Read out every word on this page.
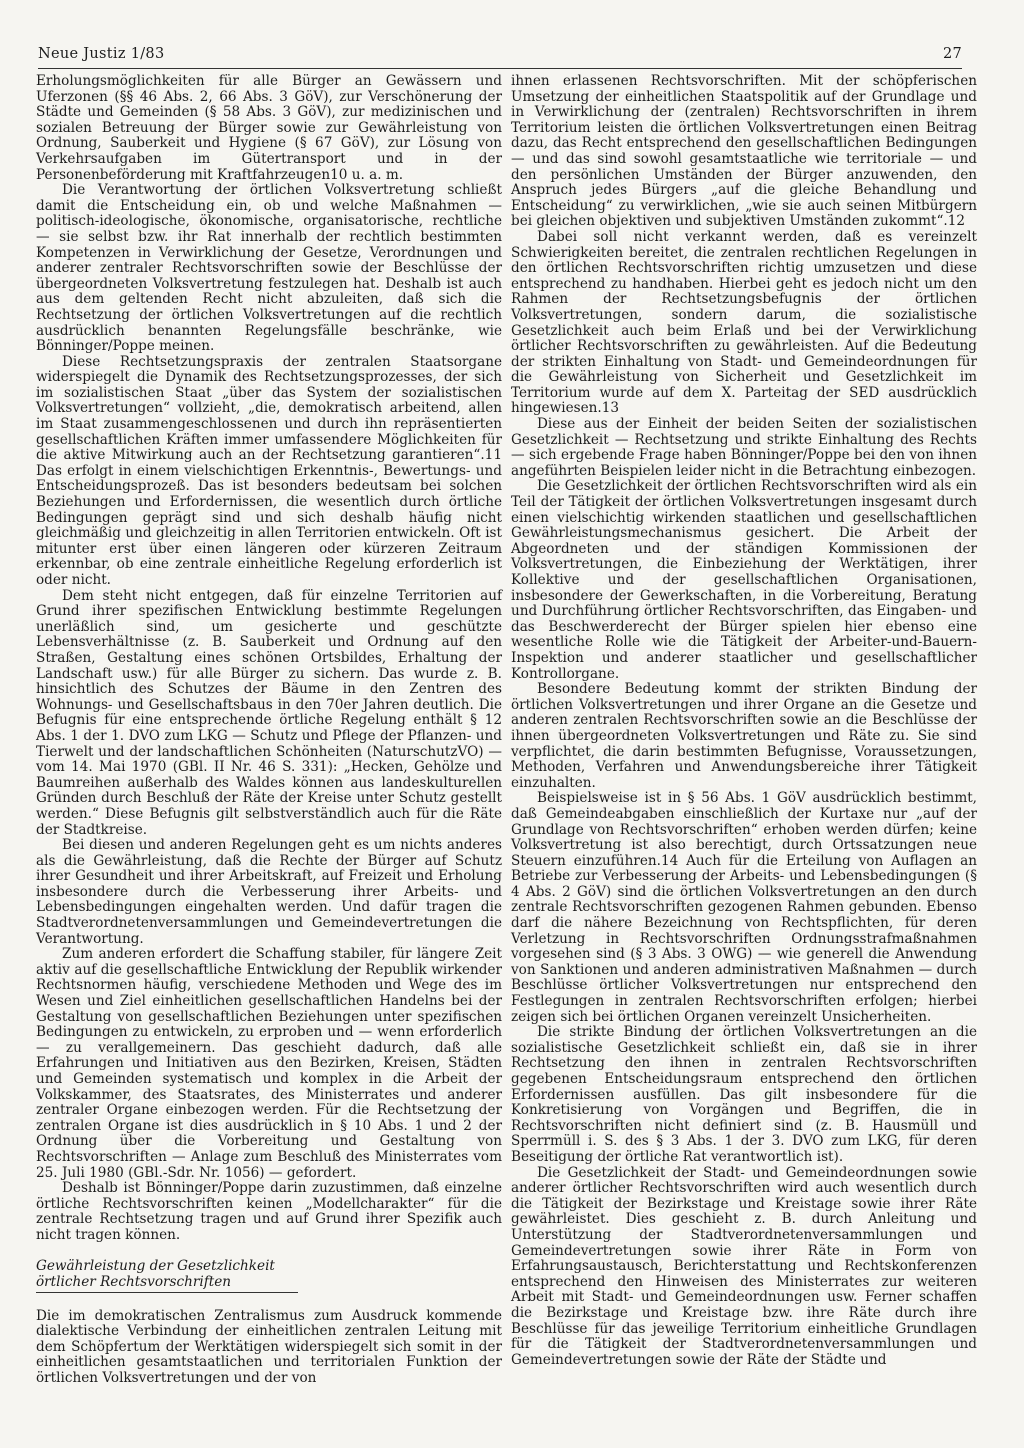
Neue Justiz 1/83	27

Erholungsmöglichkeiten für alle Bürger an Gewässern und Uferzonen (§§ 46 Abs. 2, 66 Abs. 3 GöV), zur Verschönerung der Städte und Gemeinden (§ 58 Abs. 3 GöV), zur medizinischen und sozialen Betreuung der Bürger sowie zur Gewährleistung von Ordnung, Sauberkeit und Hygiene (§ 67 GöV), zur Lösung von Verkehrsaufgaben im Gütertransport und in der Personenbeförderung mit Kraftfahrzeugen10 u. a. m.

Die Verantwortung der örtlichen Volksvertretung schließt damit die Entscheidung ein, ob und welche Maßnahmen — politisch-ideologische, ökonomische, organisatorische, rechtliche — sie selbst bzw. ihr Rat innerhalb der rechtlich bestimmten Kompetenzen in Verwirklichung der Gesetze, Verordnungen und anderer zentraler Rechtsvorschriften sowie der Beschlüsse der übergeordneten Volksvertretung festzulegen hat. Deshalb ist auch aus dem geltenden Recht nicht abzuleiten, daß sich die Rechtsetzung der örtlichen Volksvertretungen auf die rechtlich ausdrücklich benannten Regelungsfälle beschränke, wie Bönninger/Poppe meinen.

Diese Rechtsetzungspraxis der zentralen Staatsorgane widerspiegelt die Dynamik des Rechtsetzungsprozesses, der sich im sozialistischen Staat „über das System der sozialistischen Volksvertretungen“ vollzieht, „die, demokratisch arbeitend, allen im Staat zusammengeschlossenen und durch ihn repräsentierten gesellschaftlichen Kräften immer umfassendere Möglichkeiten für die aktive Mitwirkung auch an der Rechtsetzung garantieren“.11 Das erfolgt in einem vielschichtigen Erkenntnis-, Bewertungs- und Entscheidungsprozeß. Das ist besonders bedeutsam bei solchen Beziehungen und Erfordernissen, die wesentlich durch örtliche Bedingungen geprägt sind und sich deshalb häufig nicht gleichmäßig und gleichzeitig in allen Territorien entwickeln. Oft ist mitunter erst über einen längeren oder kürzeren Zeitraum erkennbar, ob eine zentrale einheitliche Regelung erforderlich ist oder nicht.

Dem steht nicht entgegen, daß für einzelne Territorien auf Grund ihrer spezifischen Entwicklung bestimmte Regelungen unerläßlich sind, um gesicherte und geschützte Lebensverhältnisse (z. B. Sauberkeit und Ordnung auf den Straßen, Gestaltung eines schönen Ortsbildes, Erhaltung der Landschaft usw.) für alle Bürger zu sichern. Das wurde z. B. hinsichtlich des Schutzes der Bäume in den Zentren des Wohnungs- und Gesellschaftsbaus in den 70er Jahren deutlich. Die Befugnis für eine entsprechende örtliche Regelung enthält § 12 Abs. 1 der 1. DVO zum LKG — Schutz und Pflege der Pflanzen- und Tierwelt und der landschaftlichen Schönheiten (NaturschutzVO) — vom 14. Mai 1970 (GBl. II Nr. 46 S. 331): „Hecken, Gehölze und Baumreihen außerhalb des Waldes können aus landeskulturellen Gründen durch Beschluß der Räte der Kreise unter Schutz gestellt werden.“ Diese Befugnis gilt selbstverständlich auch für die Räte der Stadtkreise.

Bei diesen und anderen Regelungen geht es um nichts anderes als die Gewährleistung, daß die Rechte der Bürger auf Schutz ihrer Gesundheit und ihrer Arbeitskraft, auf Freizeit und Erholung insbesondere durch die Verbesserung ihrer Arbeits- und Lebensbedingungen eingehalten werden. Und dafür tragen die Stadtverordnetenversammlungen und Gemeindevertretungen die Verantwortung.

Zum anderen erfordert die Schaffung stabiler, für längere Zeit aktiv auf die gesellschaftliche Entwicklung der Republik wirkender Rechtsnormen häufig, verschiedene Methoden und Wege des im Wesen und Ziel einheitlichen gesellschaftlichen Handelns bei der Gestaltung von gesellschaftlichen Beziehungen unter spezifischen Bedingungen zu entwickeln, zu erproben und — wenn erforderlich — zu verallgemeinern. Das geschieht dadurch, daß alle Erfahrungen und Initiativen aus den Bezirken, Kreisen, Städten und Gemeinden systematisch und komplex in die Arbeit der Volkskammer, des Staatsrates, des Ministerrates und anderer zentraler Organe einbezogen werden. Für die Rechtsetzung der zentralen Organe ist dies ausdrücklich in § 10 Abs. 1 und 2 der Ordnung über die Vorbereitung und Gestaltung von Rechtsvorschriften — Anlage zum Beschluß des Ministerrates vom 25. Juli 1980 (GBl.-Sdr. Nr. 1056) — gefordert.

Deshalb ist Bönninger/Poppe darin zuzustimmen, daß einzelne örtliche Rechtsvorschriften keinen „Modellcharakter“ für die zentrale Rechtsetzung tragen und auf Grund ihrer Spezifik auch nicht tragen können.

Gewährleistung der Gesetzlichkeit
örtlicher Rechtsvorschriften

Die im demokratischen Zentralismus zum Ausdruck kommende dialektische Verbindung der einheitlichen zentralen Leitung mit dem Schöpfertum der Werktätigen widerspiegelt sich somit in der einheitlichen gesamtstaatlichen und territorialen Funktion der örtlichen Volksvertretungen und der von

ihnen erlassenen Rechtsvorschriften. Mit der schöpferischen Umsetzung der einheitlichen Staatspolitik auf der Grundlage und in Verwirklichung der (zentralen) Rechtsvorschriften in ihrem Territorium leisten die örtlichen Volksvertretungen einen Beitrag dazu, das Recht entsprechend den gesellschaftlichen Bedingungen — und das sind sowohl gesamtstaatliche wie territoriale — und den persönlichen Umständen der Bürger anzuwenden, den Anspruch jedes Bürgers „auf die gleiche Behandlung und Entscheidung“ zu verwirklichen, „wie sie auch seinen Mitbürgern bei gleichen objektiven und subjektiven Umständen zukommt“.12

Dabei soll nicht verkannt werden, daß es vereinzelt Schwierigkeiten bereitet, die zentralen rechtlichen Regelungen in den örtlichen Rechtsvorschriften richtig umzusetzen und diese entsprechend zu handhaben. Hierbei geht es jedoch nicht um den Rahmen der Rechtsetzungsbefugnis der örtlichen Volksvertretungen, sondern darum, die sozialistische Gesetzlichkeit auch beim Erlaß und bei der Verwirklichung örtlicher Rechtsvorschriften zu gewährleisten. Auf die Bedeutung der strikten Einhaltung von Stadt- und Gemeindeordnungen für die Gewährleistung von Sicherheit und Gesetzlichkeit im Territorium wurde auf dem X. Parteitag der SED ausdrücklich hingewiesen.13

Diese aus der Einheit der beiden Seiten der sozialistischen Gesetzlichkeit — Rechtsetzung und strikte Einhaltung des Rechts — sich ergebende Frage haben Bönninger/Poppe bei den von ihnen angeführten Beispielen leider nicht in die Betrachtung einbezogen.

Die Gesetzlichkeit der örtlichen Rechtsvorschriften wird als ein Teil der Tätigkeit der örtlichen Volksvertretungen insgesamt durch einen vielschichtig wirkenden staatlichen und gesellschaftlichen Gewährleistungsmechanismus gesichert. Die Arbeit der Abgeordneten und der ständigen Kommissionen der Volksvertretungen, die Einbeziehung der Werktätigen, ihrer Kollektive und der gesellschaftlichen Organisationen, insbesondere der Gewerkschaften, in die Vorbereitung, Beratung und Durchführung örtlicher Rechtsvorschriften, das Eingaben- und das Beschwerderecht der Bürger spielen hier ebenso eine wesentliche Rolle wie die Tätigkeit der Arbeiter-und-Bauern-Inspektion und anderer staatlicher und gesellschaftlicher Kontrollorgane.

Besondere Bedeutung kommt der strikten Bindung der örtlichen Volksvertretungen und ihrer Organe an die Gesetze und anderen zentralen Rechtsvorschriften sowie an die Beschlüsse der ihnen übergeordneten Volksvertretungen und Räte zu. Sie sind verpflichtet, die darin bestimmten Befugnisse, Voraussetzungen, Methoden, Verfahren und Anwendungsbereiche ihrer Tätigkeit einzuhalten.

Beispielsweise ist in § 56 Abs. 1 GöV ausdrücklich bestimmt, daß Gemeindeabgaben einschließlich der Kurtaxe nur „auf der Grundlage von Rechtsvorschriften“ erhoben werden dürfen; keine Volksvertretung ist also berechtigt, durch Ortssatzungen neue Steuern einzuführen.14 Auch für die Erteilung von Auflagen an Betriebe zur Verbesserung der Arbeits- und Lebensbedingungen (§ 4 Abs. 2 GöV) sind die örtlichen Volksvertretungen an den durch zentrale Rechtsvorschriften gezogenen Rahmen gebunden. Ebenso darf die nähere Bezeichnung von Rechtspflichten, für deren Verletzung in Rechtsvorschriften Ordnungsstrafmaßnahmen vorgesehen sind (§ 3 Abs. 3 OWG) — wie generell die Anwendung von Sanktionen und anderen administrativen Maßnahmen — durch Beschlüsse örtlicher Volksvertretungen nur entsprechend den Festlegungen in zentralen Rechtsvorschriften erfolgen; hierbei zeigen sich bei örtlichen Organen vereinzelt Unsicherheiten.

Die strikte Bindung der örtlichen Volksvertretungen an die sozialistische Gesetzlichkeit schließt ein, daß sie in ihrer Rechtsetzung den ihnen in zentralen Rechtsvorschriften gegebenen Entscheidungsraum entsprechend den örtlichen Erfordernissen ausfüllen. Das gilt insbesondere für die Konkretisierung von Vorgängen und Begriffen, die in Rechtsvorschriften nicht definiert sind (z. B. Hausmüll und Sperrmüll i. S. des § 3 Abs. 1 der 3. DVO zum LKG, für deren Beseitigung der örtliche Rat verantwortlich ist).

Die Gesetzlichkeit der Stadt- und Gemeindeordnungen sowie anderer örtlicher Rechtsvorschriften wird auch wesentlich durch die Tätigkeit der Bezirkstage und Kreistage sowie ihrer Räte gewährleistet. Dies geschieht z. B. durch Anleitung und Unterstützung der Stadtverordnetenversammlungen und Gemeindevertretungen sowie ihrer Räte in Form von Erfahrungsaustausch, Berichterstattung und Rechtskonferenzen entsprechend den Hinweisen des Ministerrates zur weiteren Arbeit mit Stadt- und Gemeindeordnungen usw. Ferner schaffen die Bezirkstage und Kreistage bzw. ihre Räte durch ihre Beschlüsse für das jeweilige Territorium einheitliche Grundlagen für die Tätigkeit der Stadtverordnetenversammlungen und Gemeindevertretungen sowie der Räte der Städte und
